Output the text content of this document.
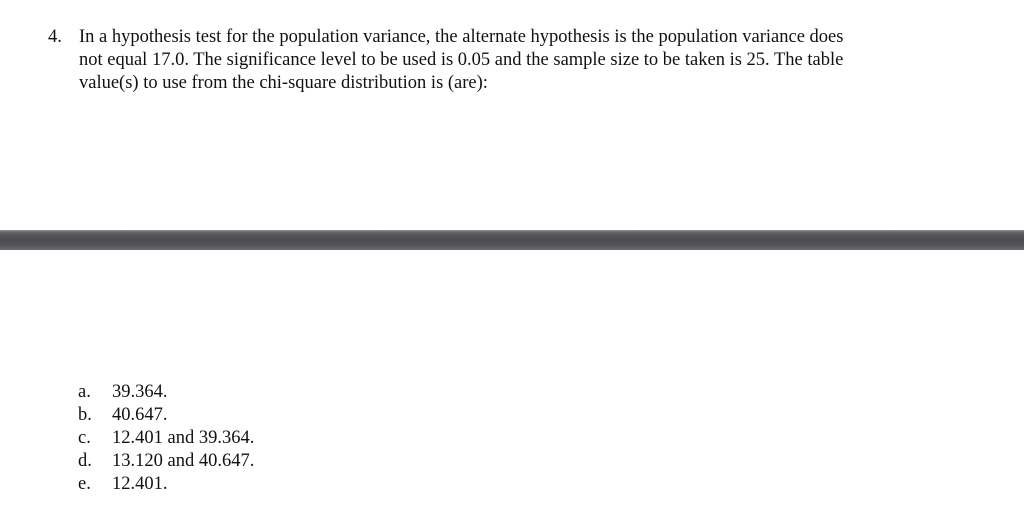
4. In a hypothesis test for the population variance, the alternate hypothesis is the population variance does
not equal 17.0. The significance level to be used is 0.05 and the sample size to be taken is 25. The table
value(s) to use from the chi-square distribution is (are):
a. 39.364.
b. 40.647.
c. 12.401 and 39.364.
d. 13.120 and 40.647.
e. 12.401.
